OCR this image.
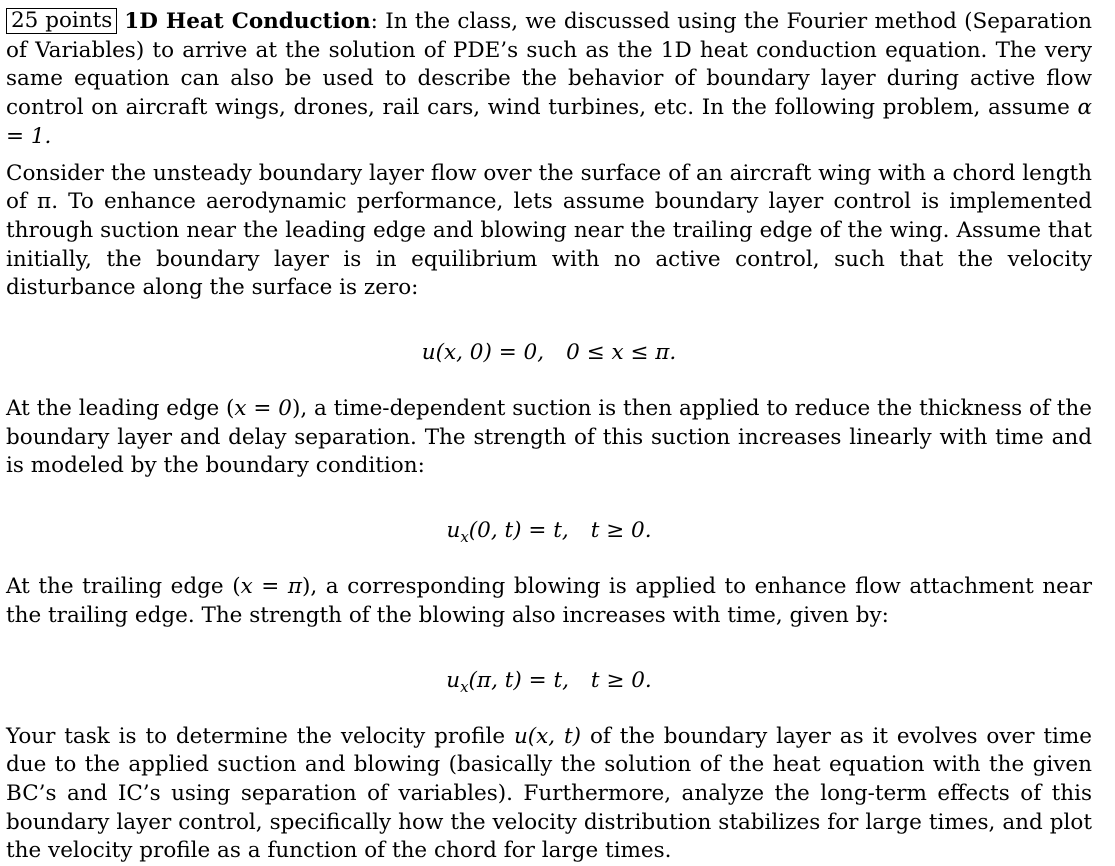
25 points 1D Heat Conduction: In the class, we discussed using the Fourier method (Separation of Variables) to arrive at the solution of PDE’s such as the 1D heat conduction equation. The very same equation can also be used to describe the behavior of boundary layer during active flow control on aircraft wings, drones, rail cars, wind turbines, etc. In the following problem, assume α = 1.

Consider the unsteady boundary layer flow over the surface of an aircraft wing with a chord length of π. To enhance aerodynamic performance, lets assume boundary layer control is implemented through suction near the leading edge and blowing near the trailing edge of the wing. Assume that initially, the boundary layer is in equilibrium with no active control, such that the velocity disturbance along the surface is zero:

u(x, 0) = 0, 0 ≤ x ≤ π.

At the leading edge (x = 0), a time-dependent suction is then applied to reduce the thickness of the boundary layer and delay separation. The strength of this suction increases linearly with time and is modeled by the boundary condition:

$u_x(0$, t) = t, t ≥ 0.

At the trailing edge (x = π), a corresponding blowing is applied to enhance flow attachment near the trailing edge. The strength of the blowing also increases with time, given by:

$u_x(\pi$, t) = t, t ≥ 0.

Your task is to determine the velocity profile u(x, t) of the boundary layer as it evolves over time due to the applied suction and blowing (basically the solution of the heat equation with the given BC’s and IC’s using separation of variables). Furthermore, analyze the long-term effects of this boundary layer control, specifically how the velocity distribution stabilizes for large times, and plot the velocity profile as a function of the chord for large times.
